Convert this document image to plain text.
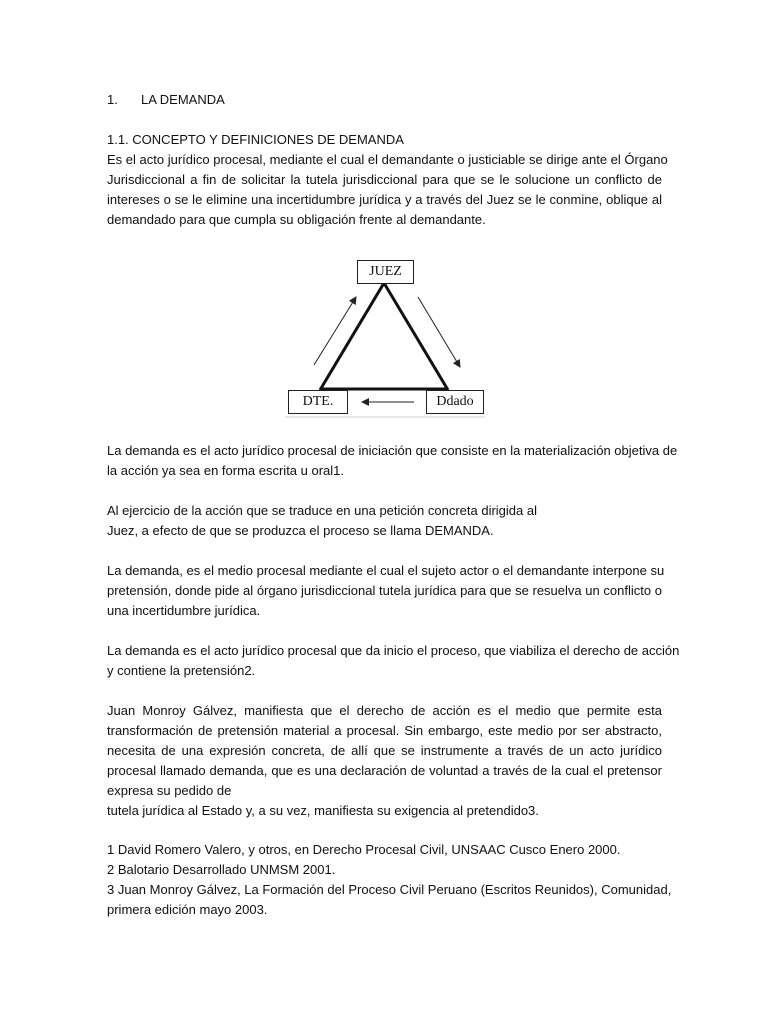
1. LA DEMANDA

1.1. CONCEPTO Y DEFINICIONES DE DEMANDA

Es el acto jurídico procesal, mediante el cual el demandante o justiciable se dirige ante el Órgano
Jurisdiccional a fin de solicitar la tutela jurisdiccional para que se le solucione un conflicto de
intereses o se le elimine una incertidumbre jurídica y a través del Juez se le conmine, oblique al
demandado para que cumpla su obligación frente al demandante.
JUEZ
DTE.	Ddado
La demanda es el acto jurídico procesal de iniciación que consiste en la materialización objetiva de
la acción ya sea en forma escrita u oral1.
Al ejercicio de la acción que se traduce en una petición concreta dirigida al
Juez, a efecto de que se produzca el proceso se llama DEMANDA.
La demanda, es el medio procesal mediante el cual el sujeto actor o el demandante interpone su
pretensión, donde pide al órgano jurisdiccional tutela jurídica para que se resuelva un conflicto o
una incertidumbre jurídica.
La demanda es el acto jurídico procesal que da inicio el proceso, que viabiliza el derecho de acción
y contiene la pretensión2.
Juan Monroy Gálvez, manifiesta que el derecho de acción es el medio que permite esta
transformación de pretensión material a procesal. Sin embargo, este medio por ser abstracto,
necesita de una expresión concreta, de allí que se instrumente a través de un acto jurídico
procesal llamado demanda, que es una declaración de voluntad a través de la cual el pretensor
expresa su pedido de
tutela jurídica al Estado y, a su vez, manifiesta su exigencia al pretendido3.
1 David Romero Valero, y otros, en Derecho Procesal Civil, UNSAAC Cusco Enero 2000.
2 Balotario Desarrollado UNMSM 2001.
3 Juan Monroy Gálvez, La Formación del Proceso Civil Peruano (Escritos Reunidos), Comunidad,
primera edición mayo 2003.
